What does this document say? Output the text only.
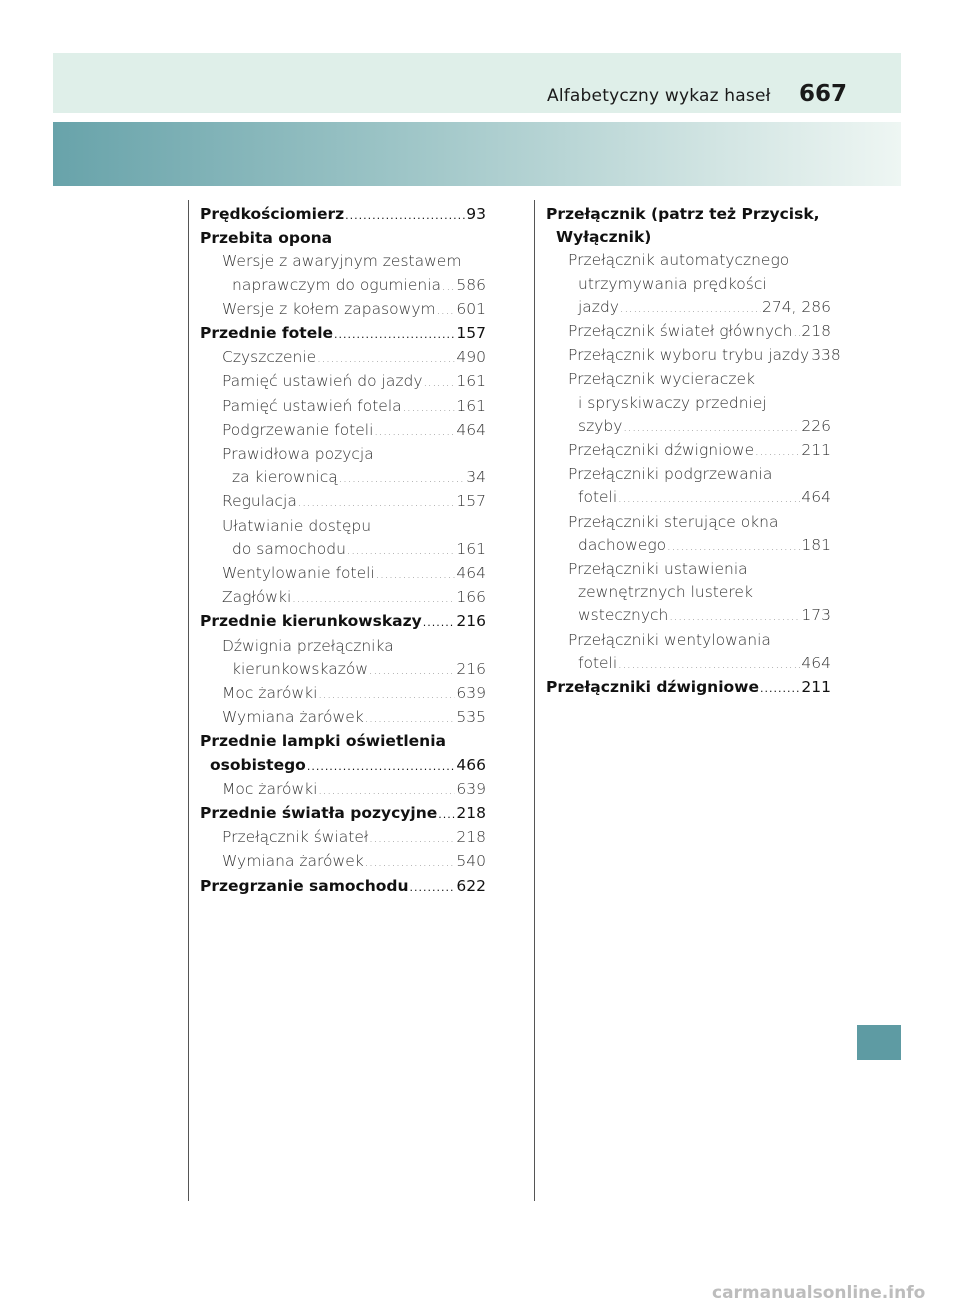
Alfabetyczny wykaz haseł 667
Prędkościomierz .....	93
Przebita opona
Wersje z awaryjnym zestawem
naprawczym do ogumienia ..... 586
Wersje z kołem zapasowym ..... 601
Przednie fotele .....	157
Czyszczenie .....	490
Pamięć ustawień do jazdy ..... 161
Pamięć ustawień fotela .....	161
Podgrzewanie foteli .....	464
Prawidłowa pozycja
za kierownicą .....	34
Regulacja .....	157
Ułatwianie dostępu
do samochodu .....	161
Wentylowanie foteli .....	464
Zagłówki .....	166
Przednie kierunkowskazy ..... 216
Dźwignia przełącznika
kierunkowskazów .....	216
Moc żarówki .....	639
Wymiana żarówek .....	535
Przednie lampki oświetlenia
osobistego .....	466
Moc żarówki .....	639
Przednie światła pozycyjne ..... 218
Przełącznik świateł .....	218
Wymiana żarówek .....	540
Przegrzanie samochodu .....	622
Przełącznik (patrz też Przycisk,
Wyłącznik)
Przełącznik automatycznego
utrzymywania prędkości
jazdy .....	274, 286
Przełącznik świateł głównych ..... 218
Przełącznik wyboru trybu jazdy 338
Przełącznik wycieraczek
i spryskiwaczy przedniej
szyby .....	226
Przełączniki dźwigniowe .....	211
Przełączniki podgrzewania
foteli .....	464
Przełączniki sterujące okna
dachowego .....	181
Przełączniki ustawienia
zewnętrznych lusterek
wstecznych .....	173
Przełączniki wentylowania
foteli .....	464
Przełączniki dźwigniowe .....	211
carmanualsonline.info
